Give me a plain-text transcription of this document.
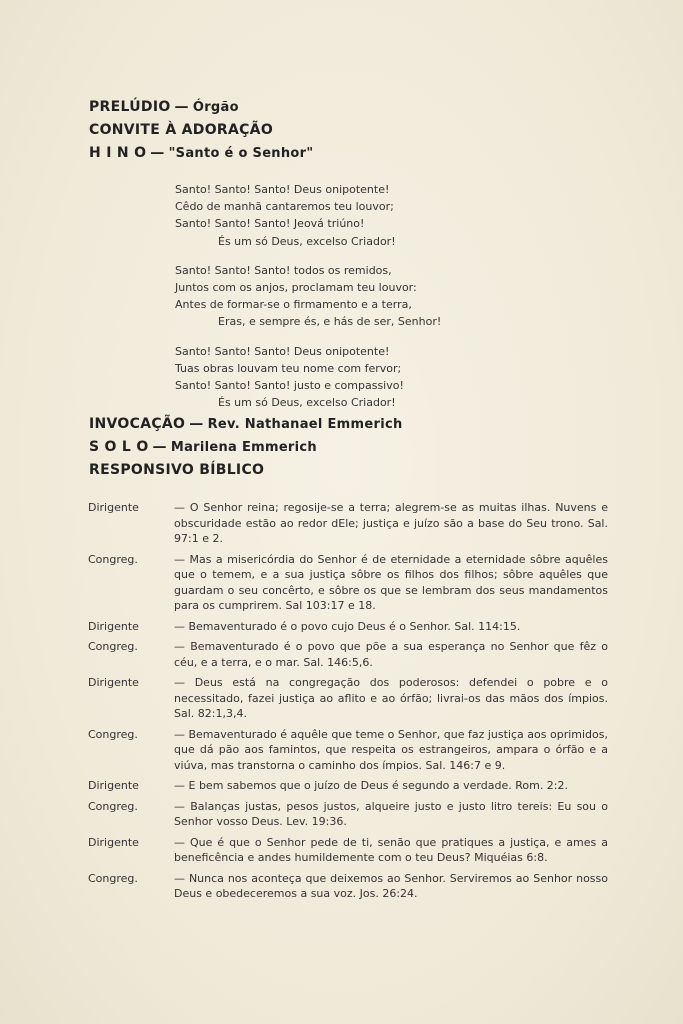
PRELÚDIO — Órgão
CONVITE À ADORAÇÃO
H I N O — "Santo é o Senhor"
Santo! Santo! Santo! Deus onipotente!
Cêdo de manhã cantaremos teu louvor;
Santo! Santo! Santo! Jeová triúno!
És um só Deus, excelso Criador!
Santo! Santo! Santo! todos os remidos,
Juntos com os anjos, proclamam teu louvor:
Antes de formar-se o firmamento e a terra,
Eras, e sempre és, e hás de ser, Senhor!
Santo! Santo! Santo! Deus onipotente!
Tuas obras louvam teu nome com fervor;
Santo! Santo! Santo! justo e compassivo!
És um só Deus, excelso Criador!
INVOCAÇÃO — Rev. Nathanael Emmerich
S O L O — Marilena Emmerich
RESPONSIVO BÍBLICO
Dirigente	— O Senhor reina; regosije-se a terra; alegrem-se as muitas ilhas. Nuvens e obscuridade estão ao redor dEle; justiça e juízo são a base do Seu trono. Sal. 97:1 e 2.
Congreg.	— Mas a misericórdia do Senhor é de eternidade a eternidade sôbre aquêles que o temem, e a sua justiça sôbre os filhos dos filhos; sôbre aquêles que guardam o seu concêrto, e sôbre os que se lembram dos seus mandamentos para os cumprirem. Sal 103:17 e 18.
Dirigente	— Bemaventurado é o povo cujo Deus é o Senhor. Sal. 114:15.
Congreg.	— Bemaventurado é o povo que põe a sua esperança no Senhor que fêz o céu, e a terra, e o mar. Sal. 146:5,6.
Dirigente	— Deus está na congregação dos poderosos: defendei o pobre e o necessitado, fazei justiça ao aflito e ao órfão; livrai-os das mãos dos ímpios. Sal. 82:1,3,4.
Congreg.	— Bemaventurado é aquêle que teme o Senhor, que faz justiça aos oprimidos, que dá pão aos famintos, que respeita os estrangeiros, ampara o órfão e a viúva, mas transtorna o caminho dos ímpios. Sal. 146:7 e 9.
Dirigente	— E bem sabemos que o juízo de Deus é segundo a verdade. Rom. 2:2.
Congreg.	— Balanças justas, pesos justos, alqueire justo e justo litro tereis: Eu sou o Senhor vosso Deus. Lev. 19:36.
Dirigente	— Que é que o Senhor pede de ti, senão que pratiques a justiça, e ames a beneficência e andes humildemente com o teu Deus? Miquéias 6:8.
Congreg.	— Nunca nos aconteça que deixemos ao Senhor. Serviremos ao Senhor nosso Deus e obedeceremos a sua voz. Jos. 26:24.
